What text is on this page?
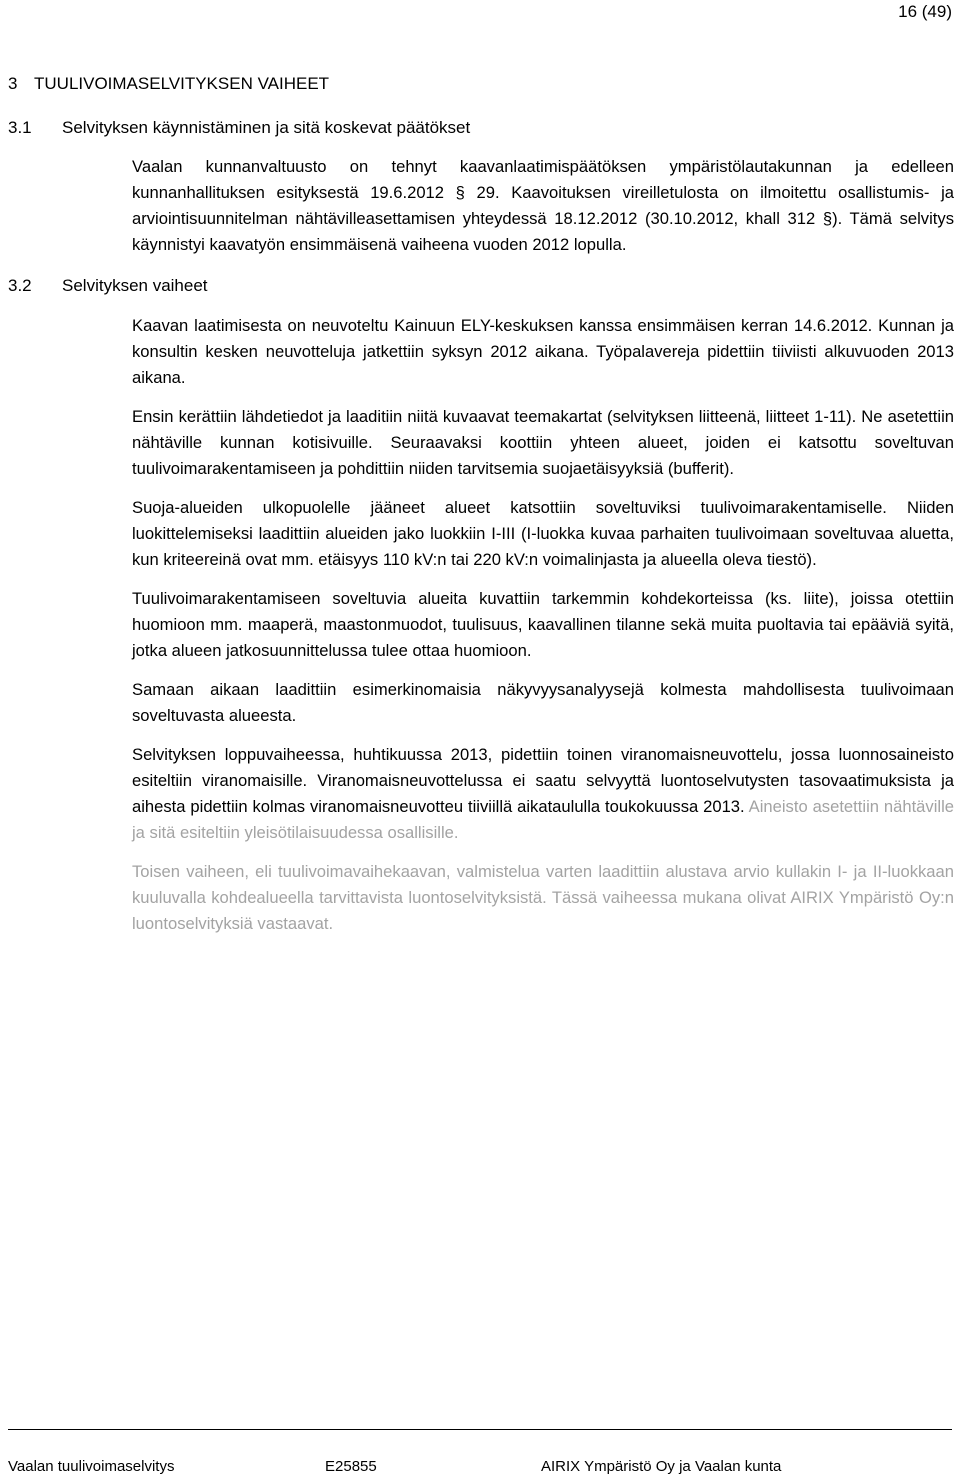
16 (49)
3 TUULIVOIMASELVITYKSEN VAIHEET
3.1 Selvityksen käynnistäminen ja sitä koskevat päätökset

Vaalan kunnanvaltuusto on tehnyt kaavanlaatimispäätöksen ympäristölautakunnan ja edelleen kunnanhallituksen esityksestä 19.6.2012 § 29. Kaavoituksen vireilletulosta on ilmoitettu osallistumis- ja arviointisuunnitelman nähtävilleasettamisen yhteydessä 18.12.2012 (30.10.2012, khall 312 §). Tämä selvitys käynnistyi kaavatyön ensimmäisenä vaiheena vuoden 2012 lopulla.

3.2 Selvityksen vaiheet

Kaavan laatimisesta on neuvoteltu Kainuun ELY-keskuksen kanssa ensimmäisen kerran 14.6.2012. Kunnan ja konsultin kesken neuvotteluja jatkettiin syksyn 2012 aikana. Työpalavereja pidettiin tiiviisti alkuvuoden 2013 aikana.

Ensin kerättiin lähdetiedot ja laaditiin niitä kuvaavat teemakartat (selvityksen liitteenä, liitteet 1-11). Ne asetettiin nähtäville kunnan kotisivuille. Seuraavaksi koottiin yhteen alueet, joiden ei katsottu soveltuvan tuulivoimarakentamiseen ja pohdittiin niiden tarvitsemia suojaetäisyyksiä (bufferit).

Suoja-alueiden ulkopuolelle jääneet alueet katsottiin soveltuviksi tuulivoimarakentamiselle. Niiden luokittelemiseksi laadittiin alueiden jako luokkiin I-III (I-luokka kuvaa parhaiten tuulivoimaan soveltuvaa aluetta, kun kriteereinä ovat mm. etäisyys 110 kV:n tai 220 kV:n voimalinjasta ja alueella oleva tiestö).

Tuulivoimarakentamiseen soveltuvia alueita kuvattiin tarkemmin kohdekorteissa (ks. liite), joissa otettiin huomioon mm. maaperä, maastonmuodot, tuulisuus, kaavallinen tilanne sekä muita puoltavia tai epääviä syitä, jotka alueen jatkosuunnittelussa tulee ottaa huomioon.

Samaan aikaan laadittiin esimerkinomaisia näkyvyysanalyysejä kolmesta mahdollisesta tuulivoimaan soveltuvasta alueesta.

Selvityksen loppuvaiheessa, huhtikuussa 2013, pidettiin toinen viranomaisneuvottelu, jossa luonnosaineisto esiteltiin viranomaisille. Viranomaisneuvottelussa ei saatu selvyyttä luontoselvutysten tasovaatimuksista ja aihesta pidettiin kolmas viranomaisneuvotteu tiiviillä aikataululla toukokuussa 2013. Aineisto asetettiin nähtäville ja sitä esiteltiin yleisötilaisuudessa osallisille.

Toisen vaiheen, eli tuulivoimavaihekaavan, valmistelua varten laadittiin alustava arvio kullakin I- ja II-luokkaan kuuluvalla kohdealueella tarvittavista luontoselvityksistä. Tässä vaiheessa mukana olivat AIRIX Ympäristö Oy:n luontoselvityksiä vastaavat.

Vaalan tuulivoimaselvitys	E25855	AIRIX Ympäristö Oy ja Vaalan kunta
